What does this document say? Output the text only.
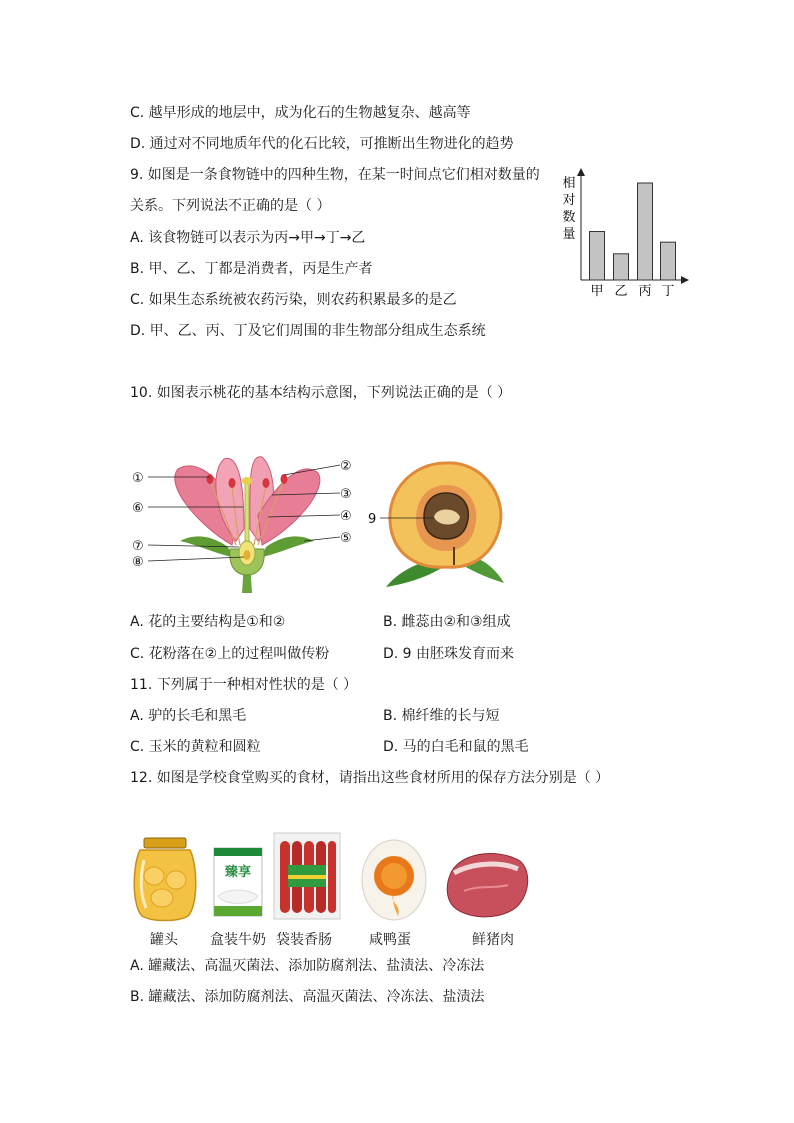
C. 越早形成的地层中，成为化石的生物越复杂、越高等
D. 通过对不同地质年代的化石比较，可推断出生物进化的趋势
9. 如图是一条食物链中的四种生物，在某一时间点它们相对数量的
关系。下列说法不正确的是（ ）
A. 该食物链可以表示为丙→甲→丁→乙
B. 甲、乙、丁都是消费者，丙是生产者
C. 如果生态系统被农药污染，则农药积累最多的是乙
D. 甲、乙、丙、丁及它们周围的非生物部分组成生态系统
相
对
数
量
甲 乙 丙 丁
10. 如图表示桃花的基本结构示意图，下列说法正确的是（ ）
①
②
③
④
⑤
⑥
⑦
⑧
9
A. 花的主要结构是①和②	B. 雌蕊由②和③组成
C. 花粉落在②上的过程叫做传粉	D. 9 由胚珠发育而来
11. 下列属于一种相对性状的是（ ）
A. 驴的长毛和黑毛	B. 棉纤维的长与短
C. 玉米的黄粒和圆粒	D. 马的白毛和鼠的黑毛
12. 如图是学校食堂购买的食材，请指出这些食材所用的保存方法分别是（ ）
臻享
罐头 盒装牛奶 袋装香肠	咸鸭蛋	鲜猪肉
A. 罐藏法、高温灭菌法、添加防腐剂法、盐渍法、冷冻法
B. 罐藏法、添加防腐剂法、高温灭菌法、冷冻法、盐渍法
